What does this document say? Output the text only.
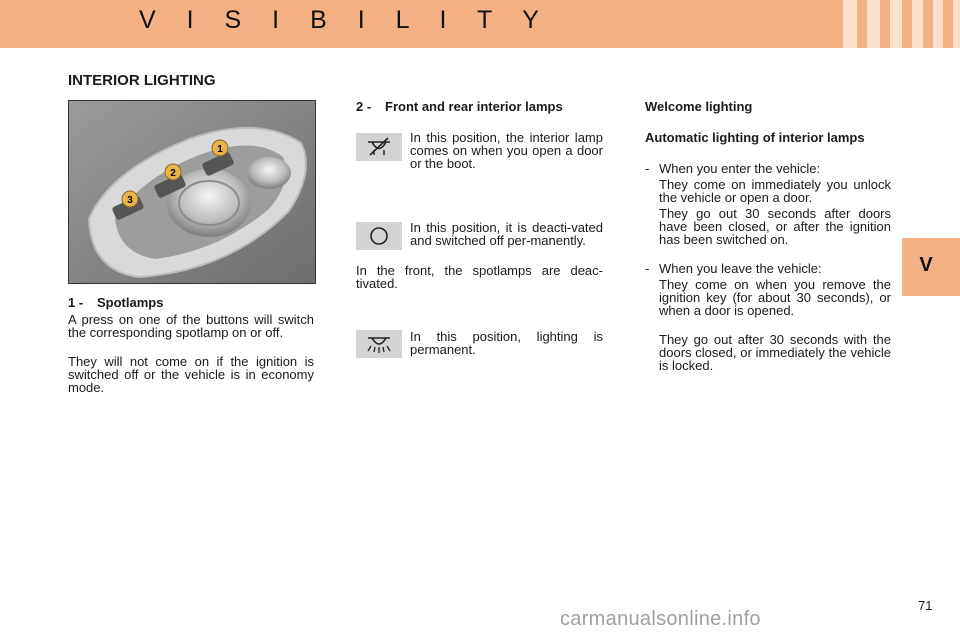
V I S I B I L I T Y
V
INTERIOR LIGHTING
3
2
1
1 - Spotlamps

A press on one of the buttons will switch the corresponding spotlamp on or off.

They will not come on if the ignition is switched off or the vehicle is in economy mode.

2 - Front and rear interior lamps

In this position, the interior lamp comes on when you open a door or the boot.

In this position, it is deacti-vated and switched off per-manently.

In the front, the spotlamps are deac-tivated.

In this position, lighting is permanent.

Welcome lighting
Automatic lighting of interior lamps
- When you enter the vehicle:

They come on immediately you unlock the vehicle or open a door.

They go out 30 seconds after doors have been closed, or after the ignition has been switched on.

- When you leave the vehicle:

They come on when you remove the ignition key (for about 30 seconds), or when a door is opened.

They go out after 30 seconds with the doors closed, or immediately the vehicle is locked.

71
carmanualsonline.info
